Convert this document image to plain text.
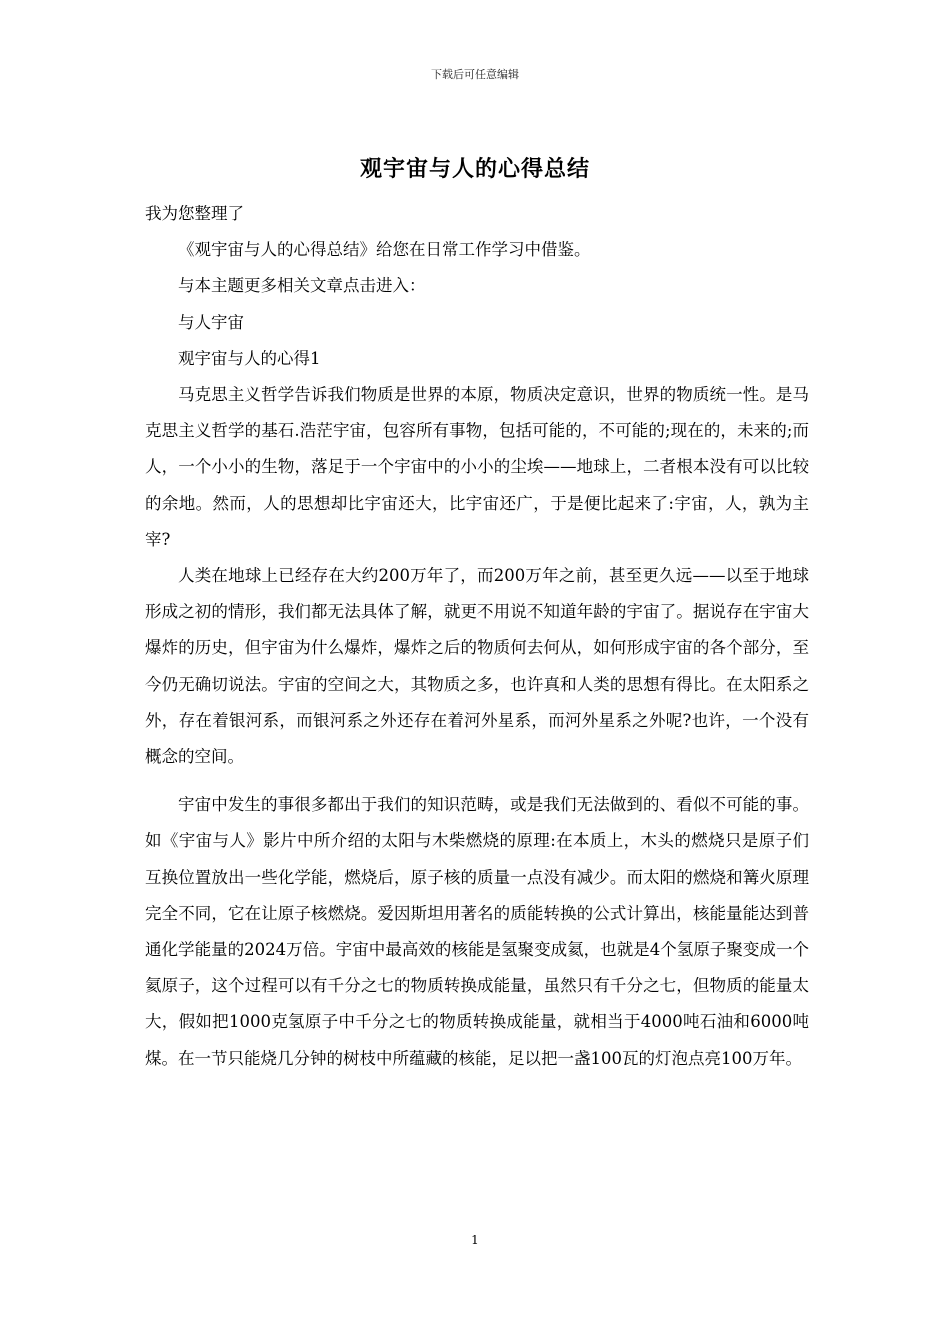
下载后可任意编辑
观宇宙与人的心得总结

我为您整理了

《观宇宙与人的心得总结》给您在日常工作学习中借鉴。

与本主题更多相关文章点击进入：

与人宇宙

观宇宙与人的心得1

马克思主义哲学告诉我们物质是世界的本原，物质决定意识，世界的物质统一性。是马克思主义哲学的基石.浩茫宇宙，包容所有事物，包括可能的，不可能的;现在的，未来的;而人，一个小小的生物，落足于一个宇宙中的小小的尘埃——地球上，二者根本没有可以比较的余地。然而，人的思想却比宇宙还大，比宇宙还广，于是便比起来了:宇宙，人，孰为主宰?

人类在地球上已经存在大约200万年了，而200万年之前，甚至更久远——以至于地球形成之初的情形，我们都无法具体了解，就更不用说不知道年龄的宇宙了。据说存在宇宙大爆炸的历史，但宇宙为什么爆炸，爆炸之后的物质何去何从，如何形成宇宙的各个部分，至今仍无确切说法。宇宙的空间之大，其物质之多，也许真和人类的思想有得比。在太阳系之外，存在着银河系，而银河系之外还存在着河外星系，而河外星系之外呢?也许，一个没有概念的空间。

宇宙中发生的事很多都出于我们的知识范畴，或是我们无法做到的、看似不可能的事。如《宇宙与人》影片中所介绍的太阳与木柴燃烧的原理:在本质上，木头的燃烧只是原子们互换位置放出一些化学能，燃烧后，原子核的质量一点没有减少。而太阳的燃烧和篝火原理完全不同，它在让原子核燃烧。爱因斯坦用著名的质能转换的公式计算出，核能量能达到普通化学能量的2024万倍。宇宙中最高效的核能是氢聚变成氦，也就是4个氢原子聚变成一个氦原子，这个过程可以有千分之七的物质转换成能量，虽然只有千分之七，但物质的能量太大，假如把1000克氢原子中千分之七的物质转换成能量，就相当于4000吨石油和6000吨煤。在一节只能烧几分钟的树枝中所蕴藏的核能，足以把一盏100瓦的灯泡点亮100万年。

1
